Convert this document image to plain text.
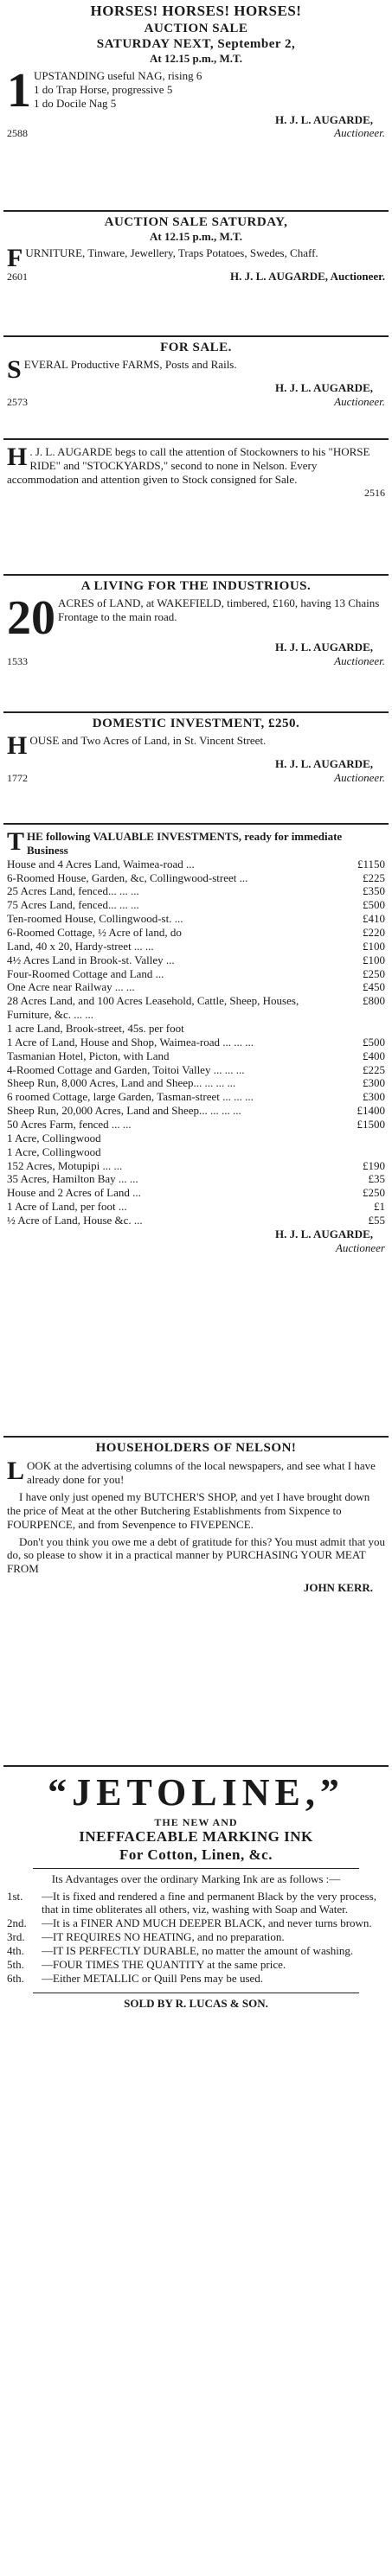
HORSES! HORSES! HORSES!
AUCTION SALE
SATURDAY NEXT, September 2,
At 12.15 p.m., M.T.
1 UPSTANDING useful NAG, rising 6

1 do Trap Horse, progressive 5

1 do Docile Nag 5

H. J. L. AUGARDE,
2588	Auctioneer.
AUCTION SALE SATURDAY,
At 12.15 p.m., M.T.
F URNITURE, Tinware, Jewellery, Traps Potatoes, Swedes, Chaff.

2601	H. J. L. AUGARDE, Auctioneer.
FOR SALE.
S EVERAL Productive FARMS, Posts and Rails.

H. J. L. AUGARDE,
2573	Auctioneer.
H . J. L. AUGARDE begs to call the attention of Stockowners to his "HORSE RIDE" and "STOCKYARDS," second to none in Nelson. Every accommodation and attention given to Stock consigned for Sale.

2516
A LIVING FOR THE INDUSTRIOUS.
20 ACRES of LAND, at WAKEFIELD, timbered, £160, having 13 Chains Frontage to the main road.

H. J. L. AUGARDE,
1533	Auctioneer.
DOMESTIC INVESTMENT, £250.
H OUSE and Two Acres of Land, in St. Vincent Street.

H. J. L. AUGARDE,
1772	Auctioneer.
T HE following VALUABLE INVESTMENTS, ready for immediate Business

House and 4 Acres Land, Waimea-road ...	£1150
6-Roomed House, Garden, &c, Collingwood-street ...	£225
25 Acres Land, fenced... ... ...	£350
75 Acres Land, fenced... ... ...	£500
Ten-roomed House, Collingwood-st. ...	£410
6-Roomed Cottage, ½ Acre of land, do	£220
Land, 40 x 20, Hardy-street ... ...	£100
4½ Acres Land in Brook-st. Valley ...	£100
Four-Roomed Cottage and Land ...	£250
One Acre near Railway ... ...	£450
28 Acres Land, and 100 Acres Leasehold, Cattle, Sheep, Houses, Furniture, &c. ... ...
£800
1 acre Land, Brook-street, 45s. per foot
1 Acre of Land, House and Shop, Waimea-road ... ... ...	£500
Tasmanian Hotel, Picton, with Land	£400
4-Roomed Cottage and Garden, Toitoi Valley ... ... ...	£225
Sheep Run, 8,000 Acres, Land and Sheep... ... ... ...	£300
6 roomed Cottage, large Garden, Tasman-street ... ... ...	£300
Sheep Run, 20,000 Acres, Land and Sheep... ... ... ...	£1400
50 Acres Farm, fenced ... ...	£1500
1 Acre, Collingwood
1 Acre, Collingwood
152 Acres, Motupipi ... ...	£190
35 Acres, Hamilton Bay ... ...	£35
House and 2 Acres of Land ...	£250
1 Acre of Land, per foot ...	£1
½ Acre of Land, House &c. ...	£55
H. J. L. AUGARDE,
Auctioneer
HOUSEHOLDERS OF NELSON!
L OOK at the advertising columns of the local newspapers, and see what I have already done for you!

I have only just opened my BUTCHER'S SHOP, and yet I have brought down the price of Meat at the other Butchering Establishments from Sixpence to FOURPENCE, and from Sevenpence to FIVEPENCE.

Don't you think you owe me a debt of gratitude for this? You must admit that you do, so please to show it in a practical manner by PURCHASING YOUR MEAT FROM

JOHN KERR.
“JETOLINE,”
THE NEW AND
INEFFACEABLE MARKING INK
For Cotton, Linen, &c.

Its Advantages over the ordinary Marking Ink are as follows :—

1st.	—It is fixed and rendered a fine and permanent Black by the very process, that in time obliterates all others, viz, washing with Soap and Water.
2nd.	—It is a FINER AND MUCH DEEPER BLACK, and never turns brown.
3rd.	—IT REQUIRES NO HEATING, and no preparation.
4th.	—IT IS PERFECTLY DURABLE, no matter the amount of washing.
5th.	—FOUR TIMES THE QUANTITY at the same price.
6th.	—Either METALLIC or Quill Pens may be used.
SOLD BY R. LUCAS & SON.
